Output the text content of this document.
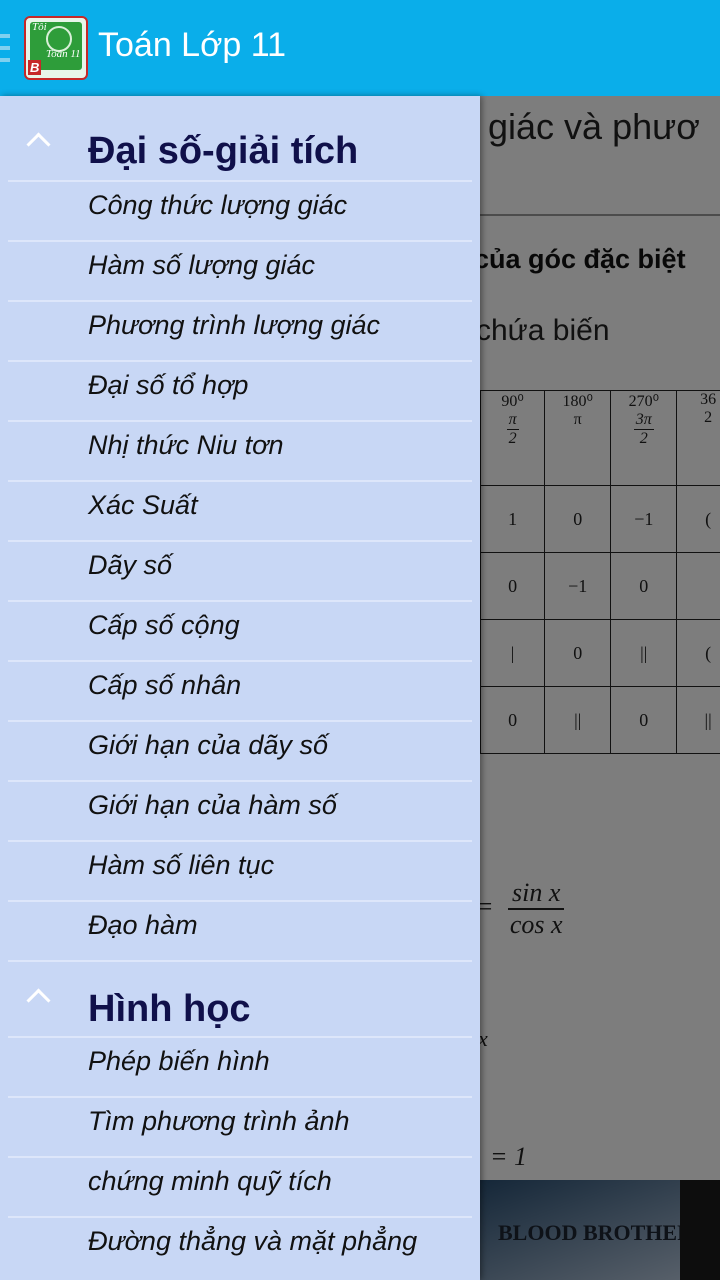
Tôi
Toán 11
B
Toán Lớp 11

Đại số-giải tích
Công thức lượng giác
Hàm số lượng giác
Phương trình lượng giác
Đại số tổ hợp
Nhị thức Niu tơn
Xác Suất
Dãy số
Cấp số cộng
Cấp số nhân
Giới hạn của dãy số
Giới hạn của hàm số
Hàm số liên tục
Đạo hàm
Hình học
Phép biến hình
Tìm phương trình ảnh
chứng minh quỹ tích
Đường thẳng và mặt phẳng
